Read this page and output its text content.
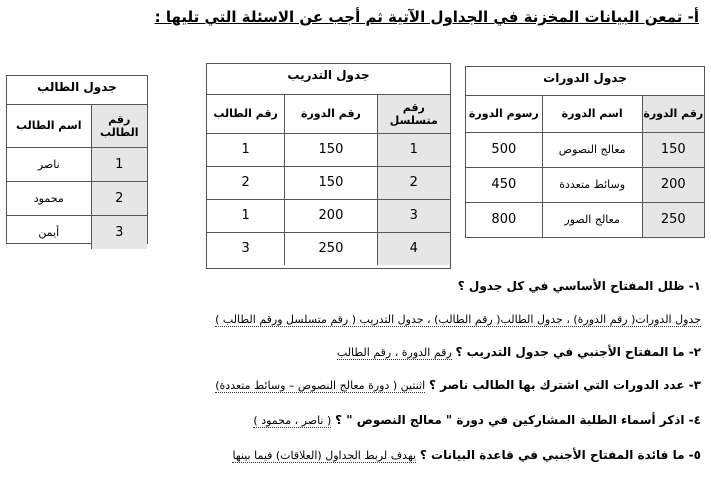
أ- تمعن البيانات المخزنة في الجداول الآتية ثم أجب عن الاسئلة التي تليها :
جدول الطالب
رقم الطالب	اسم الطالب
1	ناصر
2	محمود
3	أيمن
جدول التدريب
رقم متسلسل	رقم الدورة	رقم الطالب
1	150	1
2	150	2
3	200	1
4	250	3
جدول الدورات
رقم الدورة	اسم الدورة	رسوم الدورة
150	معالج النصوص	500
200	وسائط متعددة	450
250	معالج الصور	800
١- ظلل المفتاح الأساسي في كل جدول ؟
جدول الدورات( رقم الدورة) ، جدول الطالب( رقم الطالب) ، جدول التدريب ( رقم متسلسل ورقم الطالب )
٢- ما المفتاح الأجنبي في جدول التدريب ؟ رقم الدورة ، رقم الطالب
٣- عدد الدورات التي اشترك بها الطالب ناصر ؟ اثنتين ( دورة معالج النصوص – وسائط متعددة)
٤- اذكر أسماء الطلبة المشاركين في دورة " معالج النصوص " ؟ ( ناصر ، محمود )
٥- ما فائدة المفتاح الأجنبي في قاعدة البيانات ؟ يهدف لربط الجداول (العلاقات) فيما بينها
